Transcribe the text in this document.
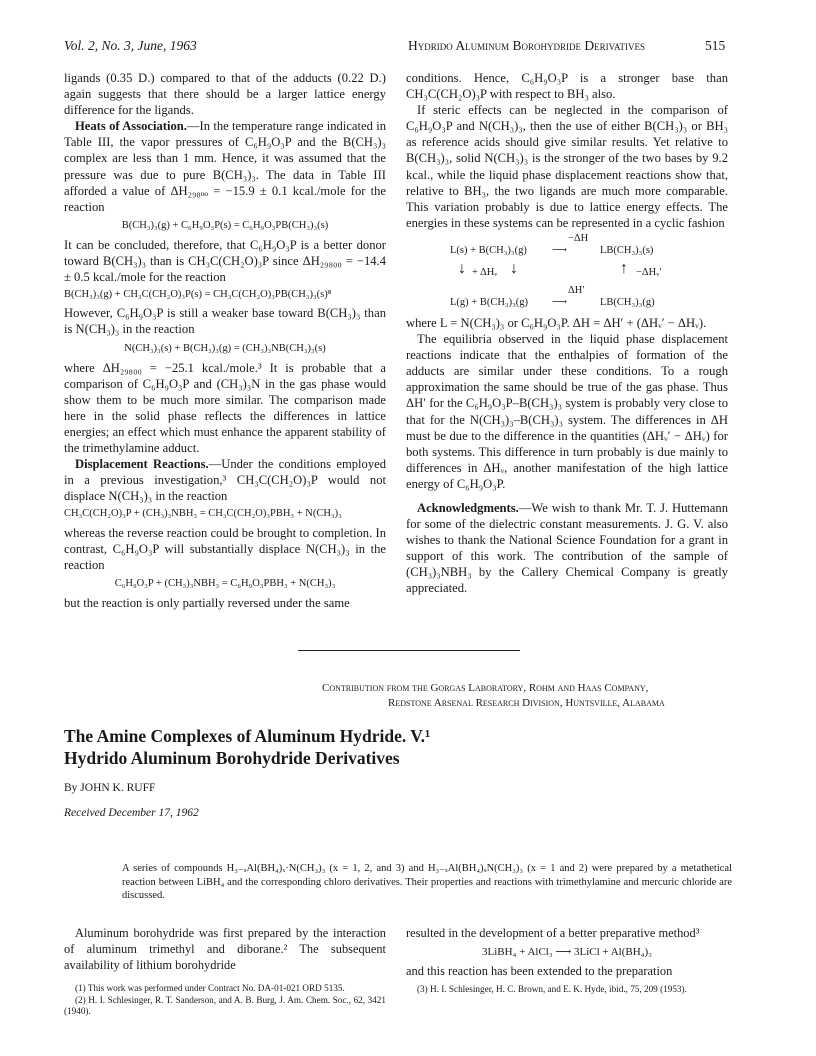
Vol. 2, No. 3, June, 1963	Hydrido Aluminum Borohydride Derivatives	515

ligands (0.35 D.) compared to that of the adducts (0.22 D.) again suggests that there should be a larger lattice energy difference for the ligands.

Heats of Association.—In the temperature range indicated in Table III, the vapor pressures of C₆H₉O₃P and the B(CH₃)₃ complex are less than 1 mm. Hence, it was assumed that the pressure was due to pure B(CH₃)₃. The data in Table III afforded a value of ΔH₂₉₈ₒₒ = −15.9 ± 0.1 kcal./mole for the reaction

B(CH₃)₃(g) + C₆H₉O₃P(s) = C₆H₉O₃PB(CH₃)₃(s)

It can be concluded, therefore, that C₆H₉O₃P is a better donor toward B(CH₃)₃ than is CH₃C(CH₂O)₃P since ΔH₂₉₈₀₀ = −14.4 ± 0.5 kcal./mole for the reaction

B(CH₃)₃(g) + CH₃C(CH₂O)₃P(s) = CH₃C(CH₂O)₃PB(CH₃)₃(s)⁸

However, C₆H₉O₃P is still a weaker base toward B(CH₃)₃ than is N(CH₃)₃ in the reaction

N(CH₃)₃(s) + B(CH₃)₃(g) = (CH₃)₃NB(CH₃)₃(s)

where ΔH₂₉₈₀₀ = −25.1 kcal./mole.³ It is probable that a comparison of C₆H₉O₃P and (CH₃)₃N in the gas phase would show them to be much more similar. The comparison made here in the solid phase reflects the differences in lattice energies; an effect which must enhance the apparent stability of the trimethylamine adduct.

Displacement Reactions.—Under the conditions employed in a previous investigation,³ CH₃C(CH₂O)₃P would not displace N(CH₃)₃ in the reaction

CH₃C(CH₂O)₃P + (CH₃)₃NBH₃ = CH₃C(CH₂O)₃PBH₃ + N(CH₃)₃

whereas the reverse reaction could be brought to completion. In contrast, C₆H₉O₃P will substantially displace N(CH₃)₃ in the reaction

C₆H₉O₃P + (CH₃)₃NBH₃ = C₆H₉O₃PBH₃ + N(CH₃)₃

but the reaction is only partially reversed under the same

conditions. Hence, C₆H₉O₃P is a stronger base than CH₃C(CH₂O)₃P with respect to BH₃ also.

If steric effects can be neglected in the comparison of C₆H₉O₃P and N(CH₃)₃, then the use of either B(CH₃)₃ or BH₃ as reference acids should give similar results. Yet relative to B(CH₃)₃, solid N(CH₃)₃ is the stronger of the two bases by 9.2 kcal., while the liquid phase displacement reactions show that, relative to BH₃, the two ligands are much more comparable. This variation probably is due to lattice energy effects. The energies in these systems can be represented in a cyclic fashion

L(s) + B(CH₃)₃(g)
−ΔH
⟶	LB(CH₃)₃(s)
↓ + ΔHᵥ ↓	↑ −ΔHᵥ′
ΔH′
L(g) + B(CH₃)₃(g) ⟶	LB(CH₃)₃(g)

where L = N(CH₃)₃ or C₆H₉O₃P. ΔH = ΔH′ + (ΔHᵥ′ − ΔHᵥ).

The equilibria observed in the liquid phase displacement reactions indicate that the enthalpies of formation of the adducts are similar under these conditions. To a rough approximation the same should be true of the gas phase. Thus ΔH′ for the C₆H₉O₃P–B(CH₃)₃ system is probably very close to that for the N(CH₃)₃–B(CH₃)₃ system. The differences in ΔH must be due to the difference in the quantities (ΔHᵥ′ − ΔHᵥ) for both systems. This difference in turn probably is due mainly to differences in ΔHᵥ, another manifestation of the high lattice energy of C₆H₉O₃P.

Acknowledgments.—We wish to thank Mr. T. J. Huttemann for some of the dielectric constant measurements. J. G. V. also wishes to thank the National Science Foundation for a grant in support of this work. The contribution of the sample of (CH₃)₃NBH₃ by the Callery Chemical Company is greatly appreciated.

Contribution from the Gorgas Laboratory, Rohm and Haas Company,
Redstone Arsenal Research Division, Huntsville, Alabama
The Amine Complexes of Aluminum Hydride. V.¹
Hydrido Aluminum Borohydride Derivatives
By JOHN K. RUFF
Received December 17, 1962
A series of compounds H₃₋ₓAl(BH₄)ₓ·N(CH₃)₃ (x = 1, 2, and 3) and H₃₋ₓAl(BH₄)ₓN(CH₃)₃ (x = 1 and 2) were prepared by a metathetical reaction between LiBH₄ and the corresponding chloro derivatives. Their properties and reactions with trimethylamine and mercuric chloride are discussed.

Aluminum borohydride was first prepared by the interaction of aluminum trimethyl and diborane.² The subsequent availability of lithium borohydride

(1) This work was performed under Contract No. DA-01-021 ORD 5135.

(2) H. I. Schlesinger, R. T. Sanderson, and A. B. Burg, J. Am. Chem. Soc., 62, 3421 (1940).

resulted in the development of a better preparative method³

3LiBH₄ + AlCl₃ ⟶ 3LiCl + Al(BH₄)₃

and this reaction has been extended to the preparation

(3) H. I. Schlesinger, H. C. Brown, and E. K. Hyde, ibid., 75, 209 (1953).
